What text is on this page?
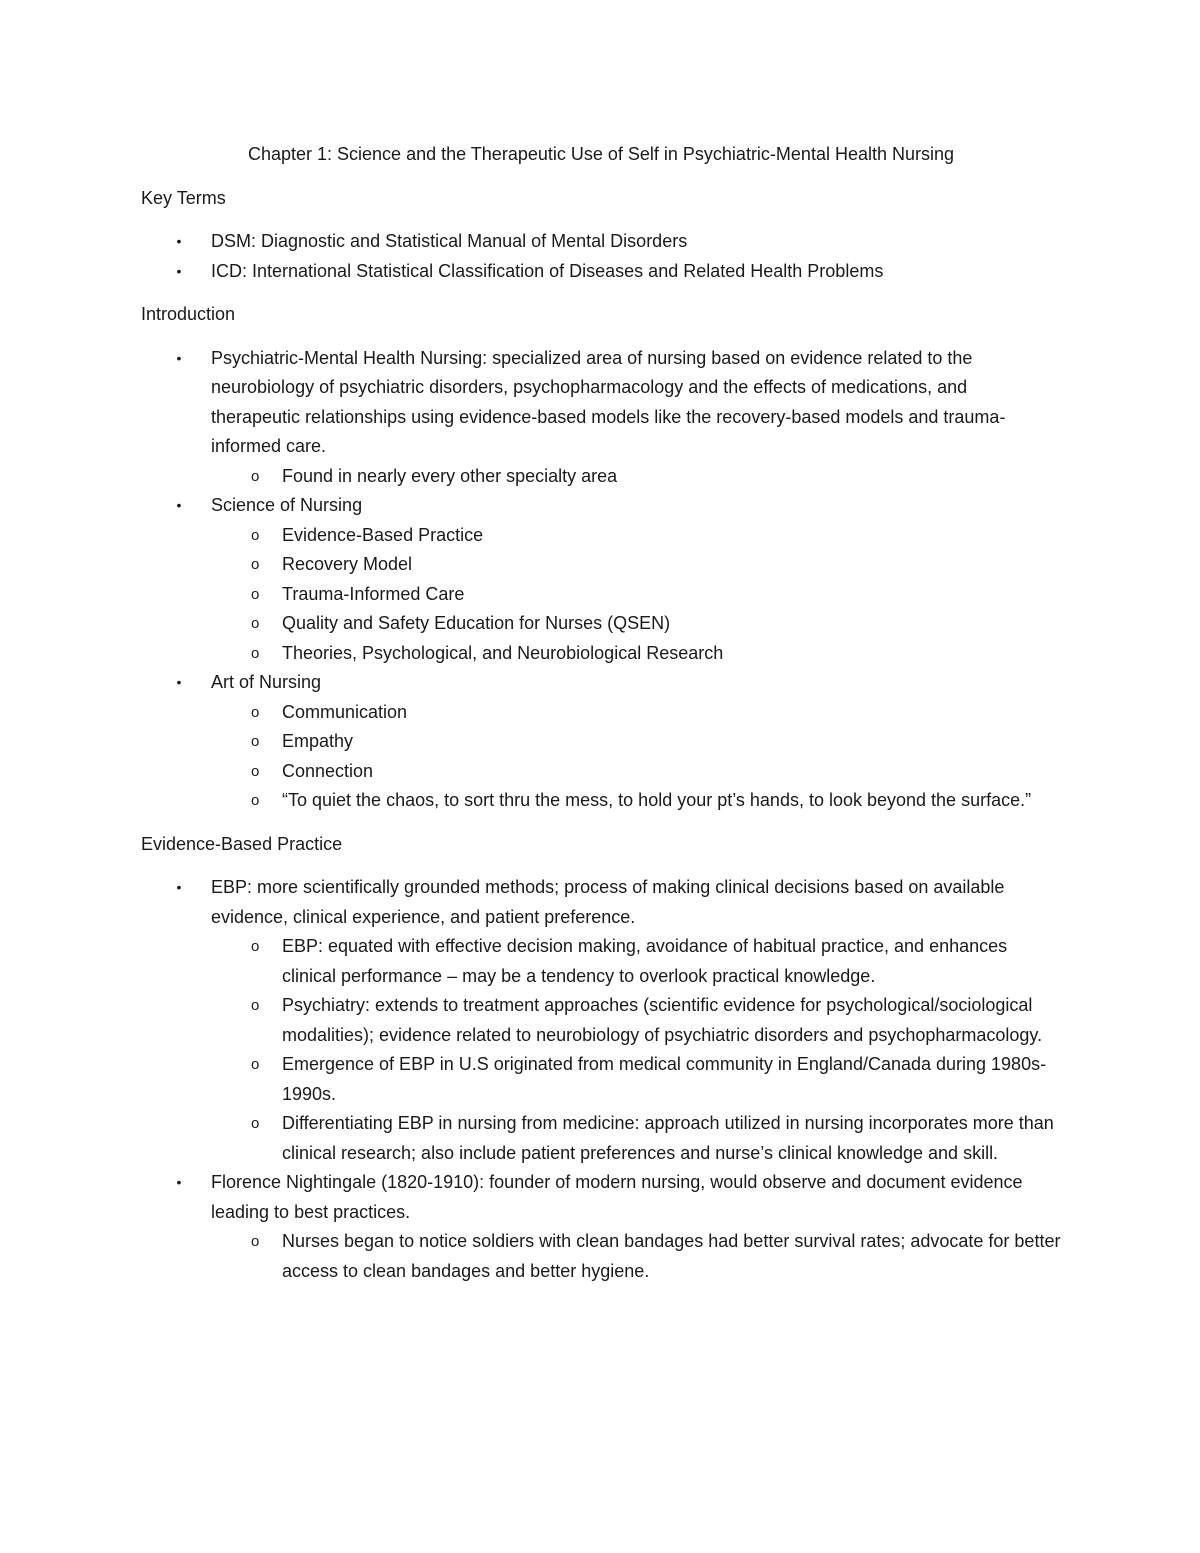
Chapter 1: Science and the Therapeutic Use of Self in Psychiatric-Mental Health Nursing
Key Terms
• DSM: Diagnostic and Statistical Manual of Mental Disorders
• ICD: International Statistical Classification of Diseases and Related Health Problems
Introduction
• Psychiatric-Mental Health Nursing: specialized area of nursing based on evidence related to the neurobiology of psychiatric disorders, psychopharmacology and the effects of medications, and therapeutic relationships using evidence-based models like the recovery-based models and trauma-informed care.
o Found in nearly every other specialty area
• Science of Nursing
o Evidence-Based Practice
o Recovery Model
o Trauma-Informed Care
o Quality and Safety Education for Nurses (QSEN)
o Theories, Psychological, and Neurobiological Research
• Art of Nursing
o Communication
o Empathy
o Connection
o “To quiet the chaos, to sort thru the mess, to hold your pt’s hands, to look beyond the surface.”
Evidence-Based Practice
• EBP: more scientifically grounded methods; process of making clinical decisions based on available evidence, clinical experience, and patient preference.
o EBP: equated with effective decision making, avoidance of habitual practice, and enhances clinical performance – may be a tendency to overlook practical knowledge.
o Psychiatry: extends to treatment approaches (scientific evidence for psychological/sociological modalities); evidence related to neurobiology of psychiatric disorders and psychopharmacology.
o Emergence of EBP in U.S originated from medical community in England/Canada during 1980s-1990s.
o Differentiating EBP in nursing from medicine: approach utilized in nursing incorporates more than clinical research; also include patient preferences and nurse’s clinical knowledge and skill.
• Florence Nightingale (1820-1910): founder of modern nursing, would observe and document evidence leading to best practices.
o Nurses began to notice soldiers with clean bandages had better survival rates; advocate for better access to clean bandages and better hygiene.
